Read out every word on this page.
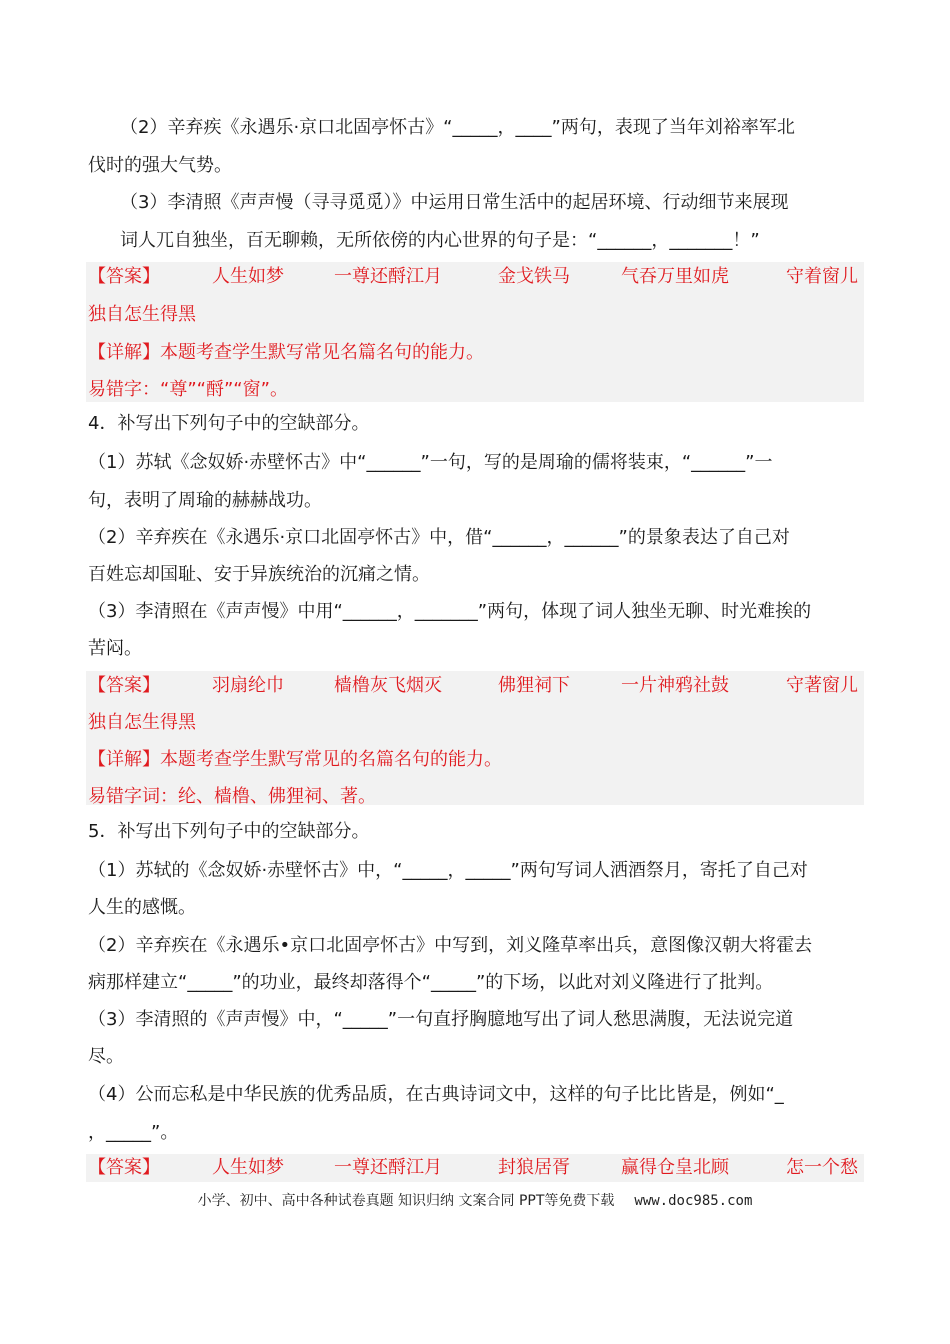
（2）辛弃疾《永遇乐·京口北固亭怀古》“_____，____”两句，表现了当年刘裕率军北
伐时的强大气势。
（3）李清照《声声慢（寻寻觅觅）》中运用日常生活中的起居环境、行动细节来展现
词人兀自独坐，百无聊赖，无所依傍的内心世界的句子是：“______，_______！”
【答案】	人生如梦	一尊还酹江月	金戈铁马	气吞万里如虎	守着窗儿
独自怎生得黑
【详解】本题考查学生默写常见名篇名句的能力。
易错字：“尊”“酹”“窗”。
4．补写出下列句子中的空缺部分。
（1）苏轼《念奴娇·赤壁怀古》中“______”一句，写的是周瑜的儒将装束，“______”一
句，表明了周瑜的赫赫战功。
（2）辛弃疾在《永遇乐·京口北固亭怀古》中，借“______，______”的景象表达了自己对
百姓忘却国耻、安于异族统治的沉痛之情。
（3）李清照在《声声慢》中用“______，_______”两句，体现了词人独坐无聊、时光难挨的
苦闷。
【答案】	羽扇纶巾	樯橹灰飞烟灭	佛狸祠下	一片神鸦社鼓	守著窗儿
独自怎生得黑
【详解】本题考查学生默写常见的名篇名句的能力。
易错字词：纶、樯橹、佛狸祠、著。
5．补写出下列句子中的空缺部分。
（1）苏轼的《念奴娇·赤壁怀古》中，“_____，_____”两句写词人洒酒祭月，寄托了自己对
人生的感慨。
（2）辛弃疾在《永遇乐•京口北固亭怀古》中写到，刘义隆草率出兵，意图像汉朝大将霍去
病那样建立“_____”的功业，最终却落得个“_____”的下场，以此对刘义隆进行了批判。
（3）李清照的《声声慢》中，“_____”一句直抒胸臆地写出了词人愁思满腹，无法说完道
尽。
（4）公而忘私是中华民族的优秀品质，在古典诗词文中，这样的句子比比皆是，例如“_
，_____”。
【答案】	人生如梦	一尊还酹江月	封狼居胥	赢得仓皇北顾	怎一个愁
小学、初中、高中各种试卷真题 知识归纳 文案合同 PPT等免费下载 www.doc985.com
